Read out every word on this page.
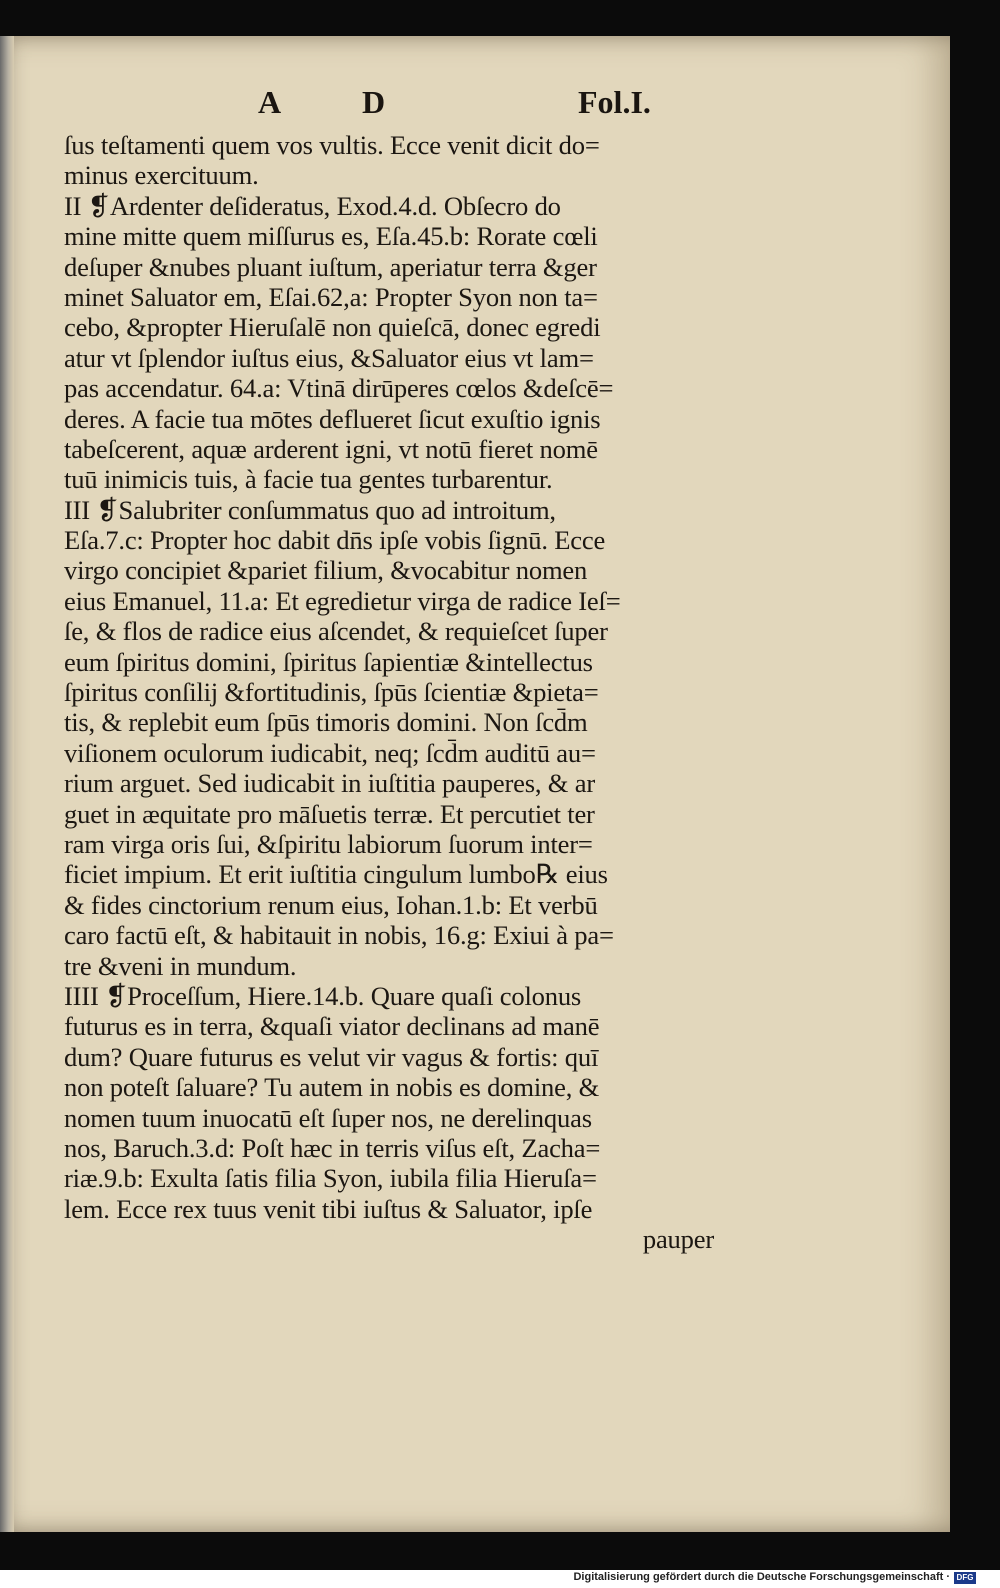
A	D	Fol.I.
ſus teſtamenti quem vos vultis. Ecce venit dicit do=
minus exercituum.
II ❡Ardenter deſideratus, Exod.4.d. Obſecro do
mine mitte quem miſſurus es, Eſa.45.b: Rorate cœli
deſuper &nubes pluant iuſtum, aperiatur terra &ger
minet Saluator em, Eſai.62,a: Propter Syon non ta=
cebo, &propter Hieruſalē non quieſcā, donec egredi
atur vt ſplendor iuſtus eius, &Saluator eius vt lam=
pas accendatur. 64.a: Vtinā dirūperes cœlos &deſcē=
deres. A facie tua mōtes deflueret ſicut exuſtio ignis
tabeſcerent, aquæ arderent igni, vt notū fieret nomē
tuū inimicis tuis, à facie tua gentes turbarentur.
III ❡Salubriter conſummatus quo ad introitum,
Eſa.7.c: Propter hoc dabit dn̄s ipſe vobis ſignū. Ecce
virgo concipiet &pariet filium, &vocabitur nomen
eius Emanuel, 11.a: Et egredietur virga de radice Ieſ=
ſe, & flos de radice eius aſcendet, & requieſcet ſuper
eum ſpiritus domini, ſpiritus ſapientiæ &intellectus
ſpiritus conſilij &fortitudinis, ſpūs ſcientiæ &pieta=
tis, & replebit eum ſpūs timoris domini. Non ſcd̄m
viſionem oculorum iudicabit, neq; ſcd̄m auditū au=
rium arguet. Sed iudicabit in iuſtitia pauperes, & ar
guet in æquitate pro māſuetis terræ. Et percutiet ter
ram virga oris ſui, &ſpiritu labiorum ſuorum inter=
ficiet impium. Et erit iuſtitia cingulum lumbo℞ eius
& fides cinctorium renum eius, Iohan.1.b: Et verbū
caro factū eſt, & habitauit in nobis, 16.g: Exiui à pa=
tre &veni in mundum.
IIII ❡Proceſſum, Hiere.14.b. Quare quaſi colonus
futurus es in terra, &quaſi viator declinans ad manē
dum? Quare futurus es velut vir vagus & fortis: quī
non poteſt ſaluare? Tu autem in nobis es domine, &
nomen tuum inuocatū eſt ſuper nos, ne derelinquas
nos, Baruch.3.d: Poſt hæc in terris viſus eſt, Zacha=
riæ.9.b: Exulta ſatis filia Syon, iubila filia Hieruſa=
lem. Ecce rex tuus venit tibi iuſtus & Saluator, ipſe
pauper
Digitalisierung gefördert durch die Deutsche Forschungsgemeinschaft · DFG
